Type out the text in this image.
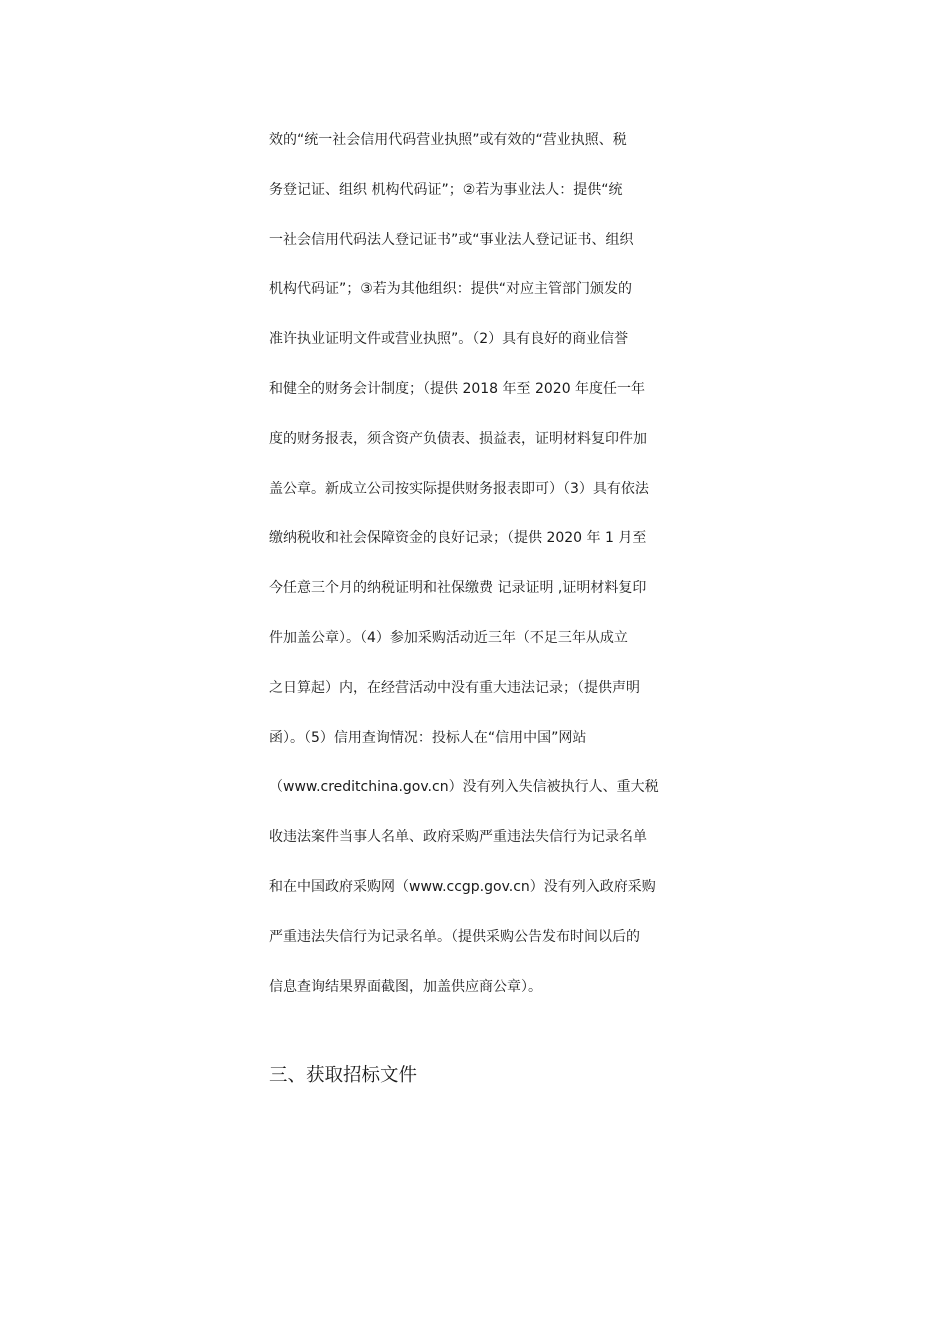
效的“统一社会信用代码营业执照”或有效的“营业执照、税
务登记证、组织 机构代码证”；②若为事业法人：提供“统
一社会信用代码法人登记证书”或“事业法人登记证书、组织
机构代码证”；③若为其他组织：提供“对应主管部门颁发的
准许执业证明文件或营业执照”。（2）具有良好的商业信誉
和健全的财务会计制度；（提供 2018 年至 2020 年度任一年
度的财务报表，须含资产负债表、损益表，证明材料复印件加
盖公章。新成立公司按实际提供财务报表即可）（3）具有依法
缴纳税收和社会保障资金的良好记录；（提供 2020 年 1 月至
今任意三个月的纳税证明和社保缴费 记录证明 ,证明材料复印
件加盖公章）。（4）参加采购活动近三年（不足三年从成立
之日算起）内，在经营活动中没有重大违法记录；（提供声明
函）。（5）信用查询情况：投标人在“信用中国”网站
（www.creditchina.gov.cn）没有列入失信被执行人、重大税
收违法案件当事人名单、政府采购严重违法失信行为记录名单
和在中国政府采购网（www.ccgp.gov.cn）没有列入政府采购
严重违法失信行为记录名单。（提供采购公告发布时间以后的
信息查询结果界面截图，加盖供应商公章）。
三、获取招标文件
